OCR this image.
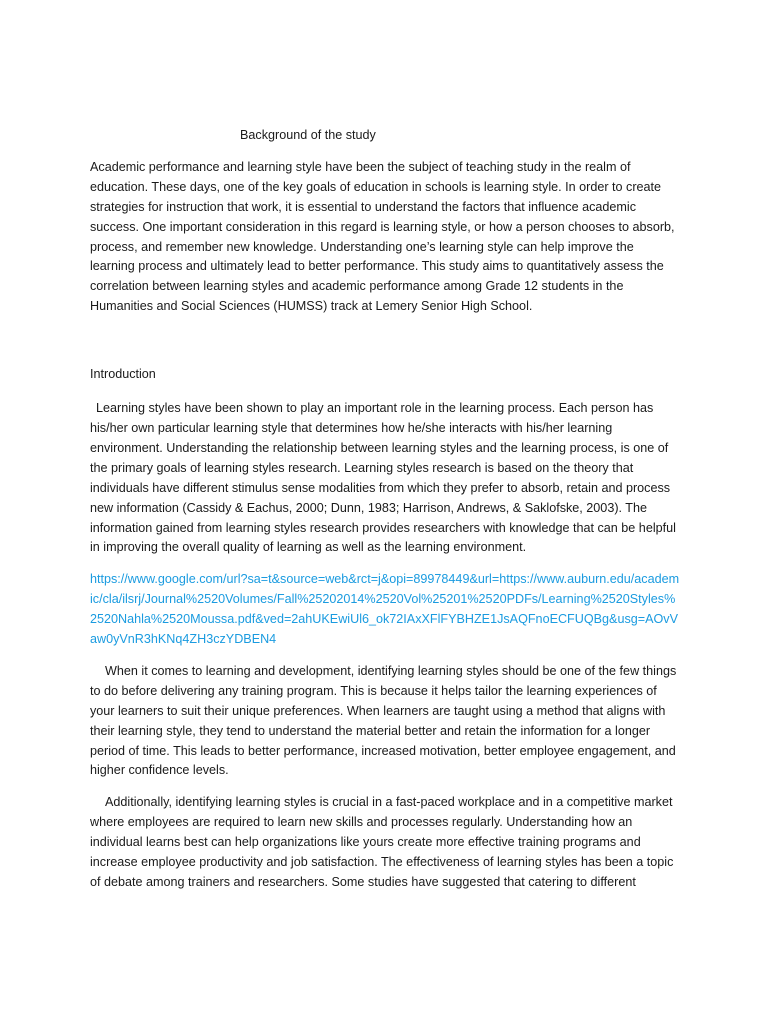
Background of the study

Academic performance and learning style have been the subject of teaching study in the realm of education. These days, one of the key goals of education in schools is learning style. In order to create strategies for instruction that work, it is essential to understand the factors that influence academic success. One important consideration in this regard is learning style, or how a person chooses to absorb, process, and remember new knowledge. Understanding one’s learning style can help improve the learning process and ultimately lead to better performance. This study aims to quantitatively assess the correlation between learning styles and academic performance among Grade 12 students in the Humanities and Social Sciences (HUMSS) track at Lemery Senior High School.

Introduction

Learning styles have been shown to play an important role in the learning process. Each person has his/her own particular learning style that determines how he/she interacts with his/her learning environment. Understanding the relationship between learning styles and the learning process, is one of the primary goals of learning styles research. Learning styles research is based on the theory that individuals have different stimulus sense modalities from which they prefer to absorb, retain and process new information (Cassidy & Eachus, 2000; Dunn, 1983; Harrison, Andrews, & Saklofske, 2003). The information gained from learning styles research provides researchers with knowledge that can be helpful in improving the overall quality of learning as well as the learning environment.

https://www.google.com/url?sa=t&source=web&rct=j&opi=89978449&url=https://www.auburn.edu/academic/cla/ilsrj/Journal%2520Volumes/Fall%25202014%2520Vol%25201%2520PDFs/Learning%2520Styles%2520Nahla%2520Moussa.pdf&ved=2ahUKEwiUl6_ok72IAxXFlFYBHZE1JsAQFnoECFUQBg&usg=AOvVaw0yVnR3hKNq4ZH3czYDBEN4

When it comes to learning and development, identifying learning styles should be one of the few things to do before delivering any training program. This is because it helps tailor the learning experiences of your learners to suit their unique preferences. When learners are taught using a method that aligns with their learning style, they tend to understand the material better and retain the information for a longer period of time. This leads to better performance, increased motivation, better employee engagement, and higher confidence levels.

Additionally, identifying learning styles is crucial in a fast-paced workplace and in a competitive market where employees are required to learn new skills and processes regularly. Understanding how an individual learns best can help organizations like yours create more effective training programs and increase employee productivity and job satisfaction. The effectiveness of learning styles has been a topic of debate among trainers and researchers. Some studies have suggested that catering to different
